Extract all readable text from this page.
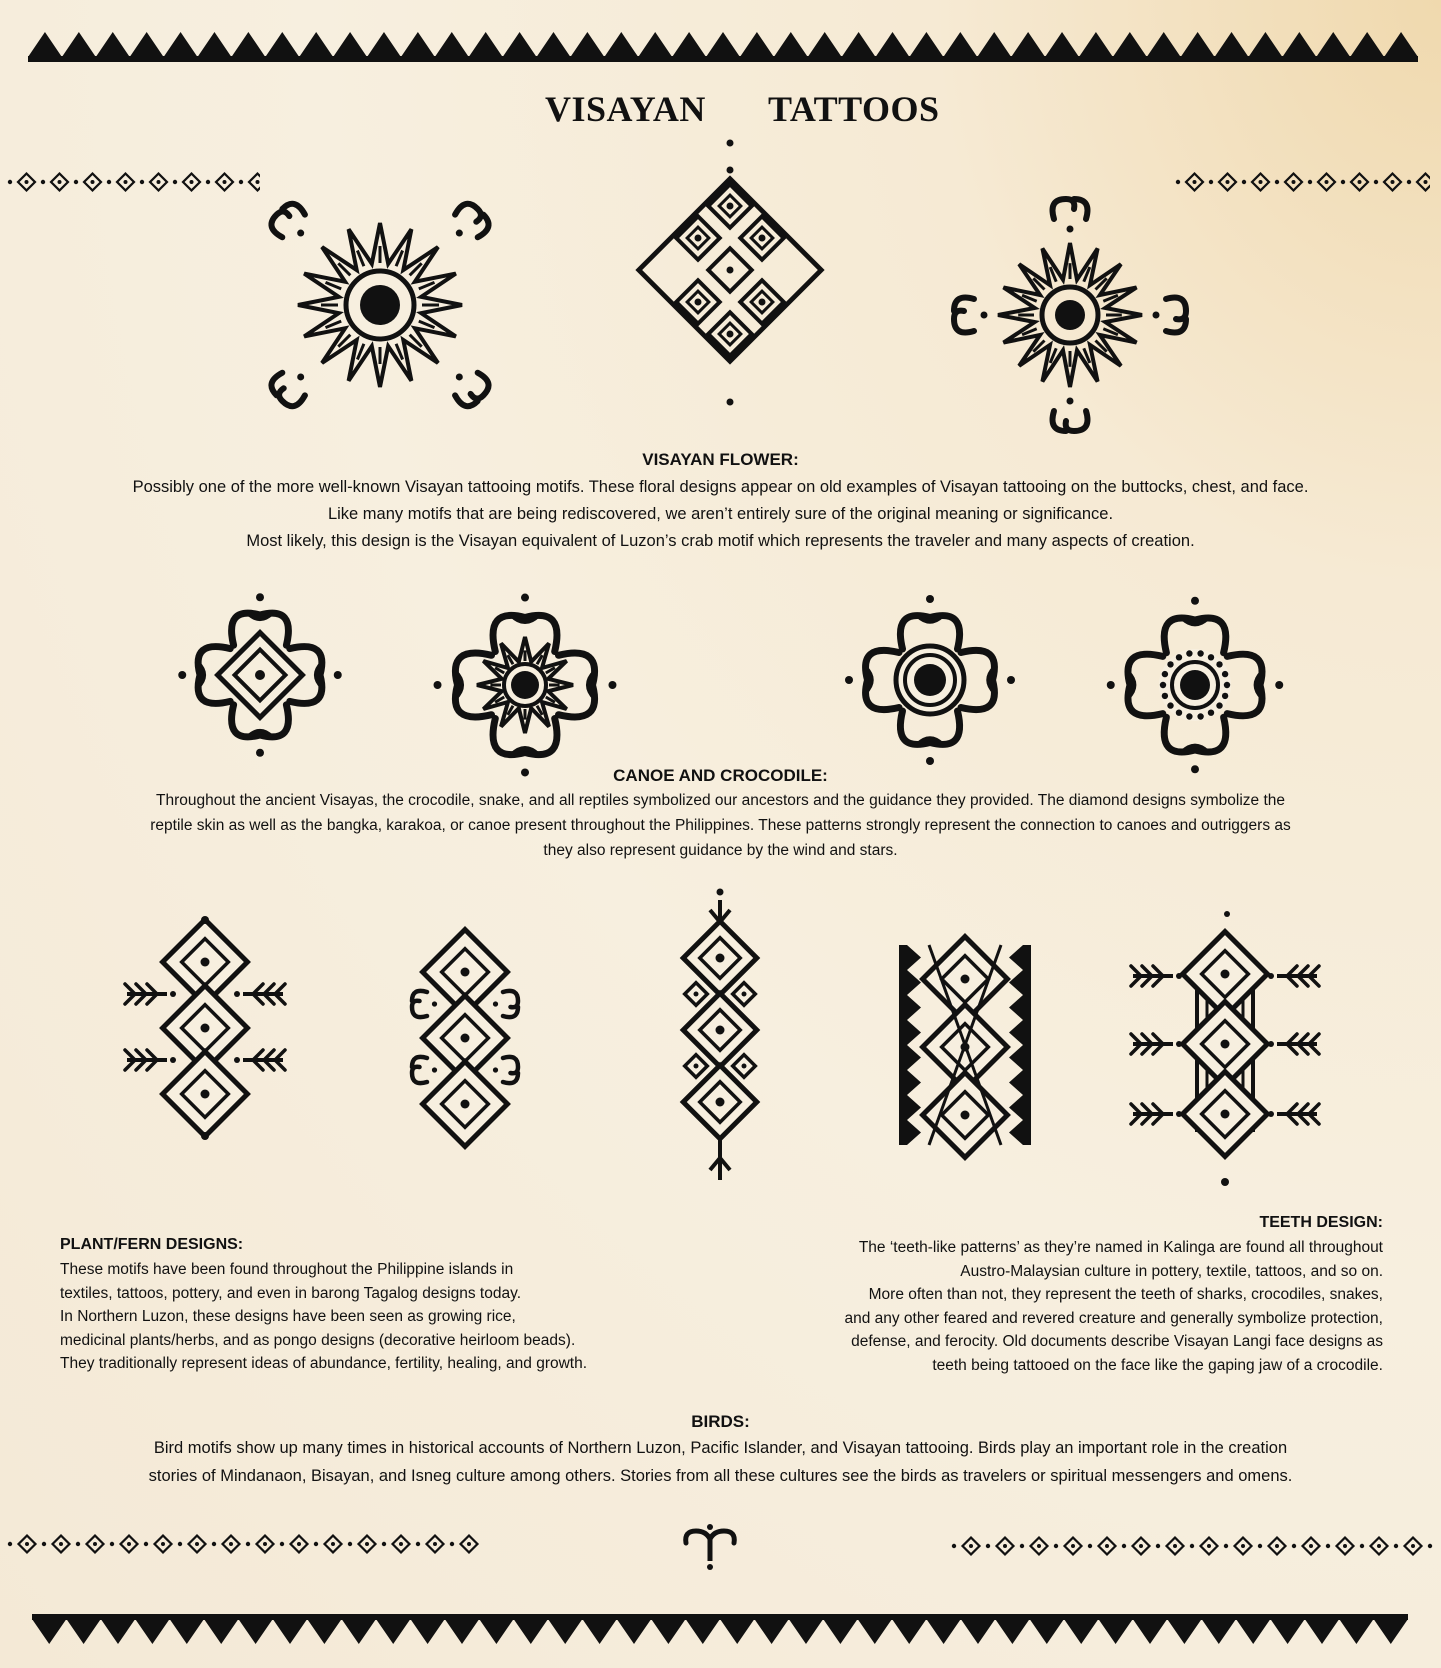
VISAYAN TATTOOS
VISAYAN FLOWER:
Possibly one of the more well-known Visayan tattooing motifs. These floral designs appear on old examples of Visayan tattooing on the buttocks, chest, and face.
Like many motifs that are being rediscovered, we aren’t entirely sure of the original meaning or significance.
Most likely, this design is the Visayan equivalent of Luzon’s crab motif which represents the traveler and many aspects of creation.
CANOE AND CROCODILE:
Throughout the ancient Visayas, the crocodile, snake, and all reptiles symbolized our ancestors and the guidance they provided. The diamond designs symbolize the
reptile skin as well as the bangka, karakoa, or canoe present throughout the Philippines. These patterns strongly represent the connection to canoes and outriggers as
they also represent guidance by the wind and stars.
PLANT/FERN DESIGNS:
These motifs have been found throughout the Philippine islands in
textiles, tattoos, pottery, and even in barong Tagalog designs today.
In Northern Luzon, these designs have been seen as growing rice,
medicinal plants/herbs, and as pongo designs (decorative heirloom beads).
They traditionally represent ideas of abundance, fertility, healing, and growth.
TEETH DESIGN:
The ‘teeth-like patterns’ as they’re named in Kalinga are found all throughout
Austro-Malaysian culture in pottery, textile, tattoos, and so on.
More often than not, they represent the teeth of sharks, crocodiles, snakes,
and any other feared and revered creature and generally symbolize protection,
defense, and ferocity. Old documents describe Visayan Langi face designs as
teeth being tattooed on the face like the gaping jaw of a crocodile.
BIRDS:
Bird motifs show up many times in historical accounts of Northern Luzon, Pacific Islander, and Visayan tattooing. Birds play an important role in the creation
stories of Mindanaon, Bisayan, and Isneg culture among others. Stories from all these cultures see the birds as travelers or spiritual messengers and omens.
